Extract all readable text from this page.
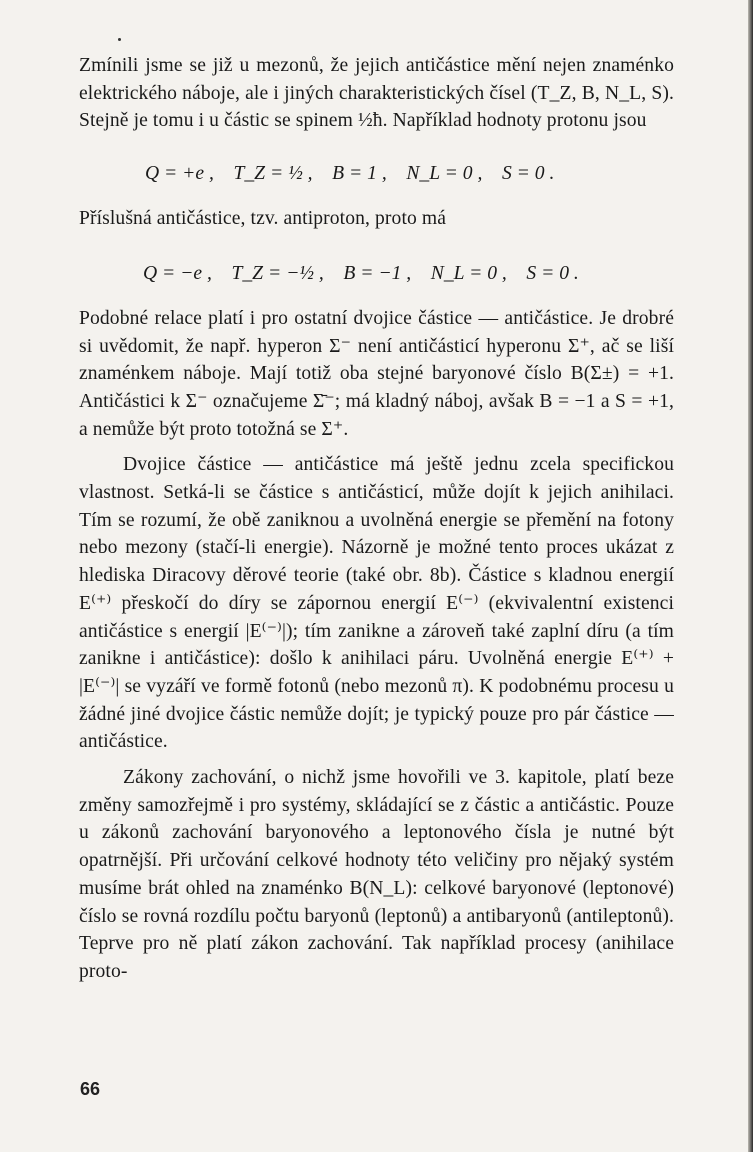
Zmínili jsme se již u mezonů, že jejich antičástice mění nejen znaménko elektrického náboje, ale i jiných charakteristických čísel (T_Z, B, N_L, S). Stejně je tomu i u částic se spinem ½ħ. Například hodnoty protonu jsou

Q = +e ,    T_Z = ½ ,    B = 1 ,    N_L = 0 ,    S = 0 .

Příslušná antičástice, tzv. antiproton, proto má

Q = −e ,    T_Z = −½ ,    B = −1 ,    N_L = 0 ,    S = 0 .

Podobné relace platí i pro ostatní dvojice částice — antičástice. Je drobré si uvědomit, že např. hyperon Σ⁻ není antičásticí hyperonu Σ⁺, ač se liší znaménkem náboje. Mají totiž oba stejné baryonové číslo B(Σ±) = +1. Antičástici k Σ⁻ označujeme Σ̄⁻; má kladný náboj, avšak B = −1 a S = +1, a nemůže být proto totožná se Σ⁺.

Dvojice částice — antičástice má ještě jednu zcela specifickou vlastnost. Setká-li se částice s antičásticí, může dojít k jejich anihilaci. Tím se rozumí, že obě zaniknou a uvolněná energie se přemění na fotony nebo mezony (stačí-li energie). Názorně je možné tento proces ukázat z hlediska Diracovy děrové teorie (také obr. 8b). Částice s kladnou energií E⁽⁺⁾ přeskočí do díry se zápornou energií E⁽⁻⁾ (ekvivalentní existenci antičástice s energií |E⁽⁻⁾|); tím zanikne a zároveň také zaplní díru (a tím zanikne i antičástice): došlo k anihilaci páru. Uvolněná energie E⁽⁺⁾ + |E⁽⁻⁾| se vyzáří ve formě fotonů (nebo mezonů π). K podobnému procesu u žádné jiné dvojice částic nemůže dojít; je typický pouze pro pár částice — antičástice.

Zákony zachování, o nichž jsme hovořili ve 3. kapitole, platí beze změny samozřejmě i pro systémy, skládající se z částic a antičástic. Pouze u zákonů zachování baryonového a leptonového čísla je nutné být opatrnější. Při určování celkové hodnoty této veličiny pro nějaký systém musíme brát ohled na znaménko B(N_L): celkové baryonové (leptonové) číslo se rovná rozdílu počtu baryonů (leptonů) a antibaryonů (antileptonů). Teprve pro ně platí zákon zachování. Tak například procesy (anihilace proto-

66
